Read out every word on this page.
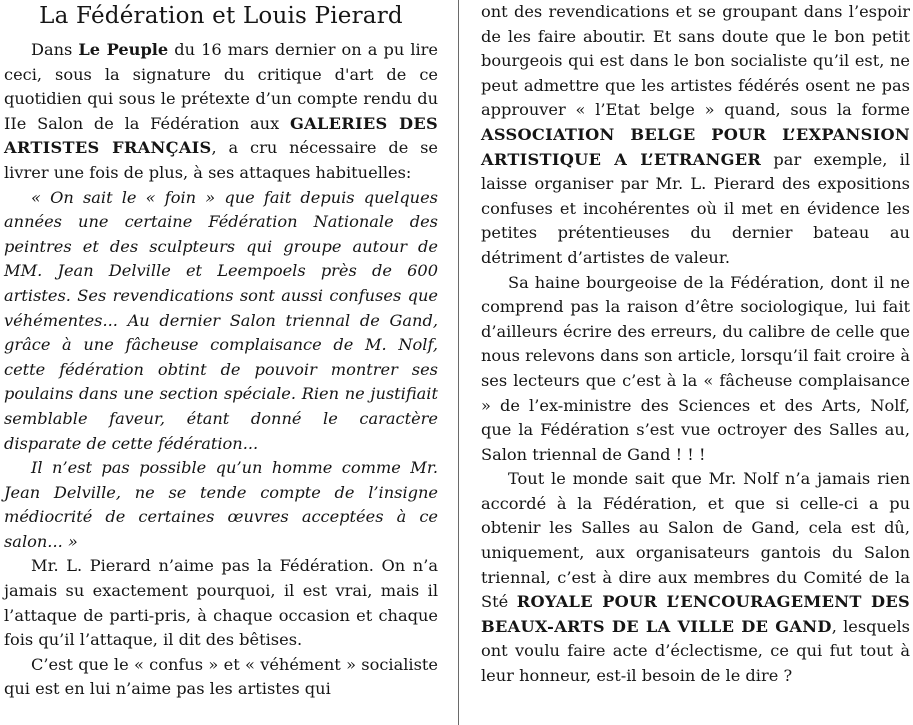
La Fédération et Louis Pierard

Dans Le Peuple du 16 mars dernier on a pu lire ceci, sous la signature du critique d'art de ce quotidien qui sous le prétexte d’un compte rendu du IIe Salon de la Fédération aux GALERIES DES ARTISTES FRANÇAIS, a cru nécessaire de se livrer une fois de plus, à ses attaques habituelles:

« On sait le « foin » que fait depuis quelques années une certaine Fédération Nationale des peintres et des sculpteurs qui groupe autour de MM. Jean Delville et Leempoels près de 600 artistes. Ses revendications sont aussi confuses que véhémentes... Au dernier Salon triennal de Gand, grâce à une fâcheuse complaisance de M. Nolf, cette fédération obtint de pouvoir montrer ses poulains dans une section spéciale. Rien ne justifiait semblable faveur, étant donné le caractère disparate de cette fédération...

Il n’est pas possible qu’un homme comme Mr. Jean Delville, ne se tende compte de l’insigne médiocrité de certaines œuvres acceptées à ce salon... »

Mr. L. Pierard n’aime pas la Fédération. On n’a jamais su exactement pourquoi, il est vrai, mais il l’attaque de parti-pris, à chaque occasion et chaque fois qu’il l’attaque, il dit des bêtises.

C’est que le « confus » et « véhément » socialiste qui est en lui n’aime pas les artistes qui

ont des revendications et se groupant dans l’espoir de les faire aboutir. Et sans doute que le bon petit bourgeois qui est dans le bon socialiste qu’il est, ne peut admettre que les artistes fédérés osent ne pas approuver « l’Etat belge » quand, sous la forme ASSOCIATION BELGE POUR L’EXPANSION ARTISTIQUE A L’ETRANGER par exemple, il laisse organiser par Mr. L. Pierard des expositions confuses et incohérentes où il met en évidence les petites prétentieuses du dernier bateau au détriment d’artistes de valeur.

Sa haine bourgeoise de la Fédération, dont il ne comprend pas la raison d’être sociologique, lui fait d’ailleurs écrire des erreurs, du calibre de celle que nous relevons dans son article, lorsqu’il fait croire à ses lecteurs que c’est à la « fâcheuse complaisance » de l’ex-ministre des Sciences et des Arts, Nolf, que la Fédération s’est vue octroyer des Salles au, Salon triennal de Gand ! ! !

Tout le monde sait que Mr. Nolf n’a jamais rien accordé à la Fédération, et que si celle-ci a pu obtenir les Salles au Salon de Gand, cela est dû, uniquement, aux organisateurs gantois du Salon triennal, c’est à dire aux membres du Comité de la Sté ROYALE POUR L’ENCOURAGEMENT DES BEAUX-ARTS DE LA VILLE DE GAND, lesquels ont voulu faire acte d’éclectisme, ce qui fut tout à leur honneur, est-il besoin de le dire ?
